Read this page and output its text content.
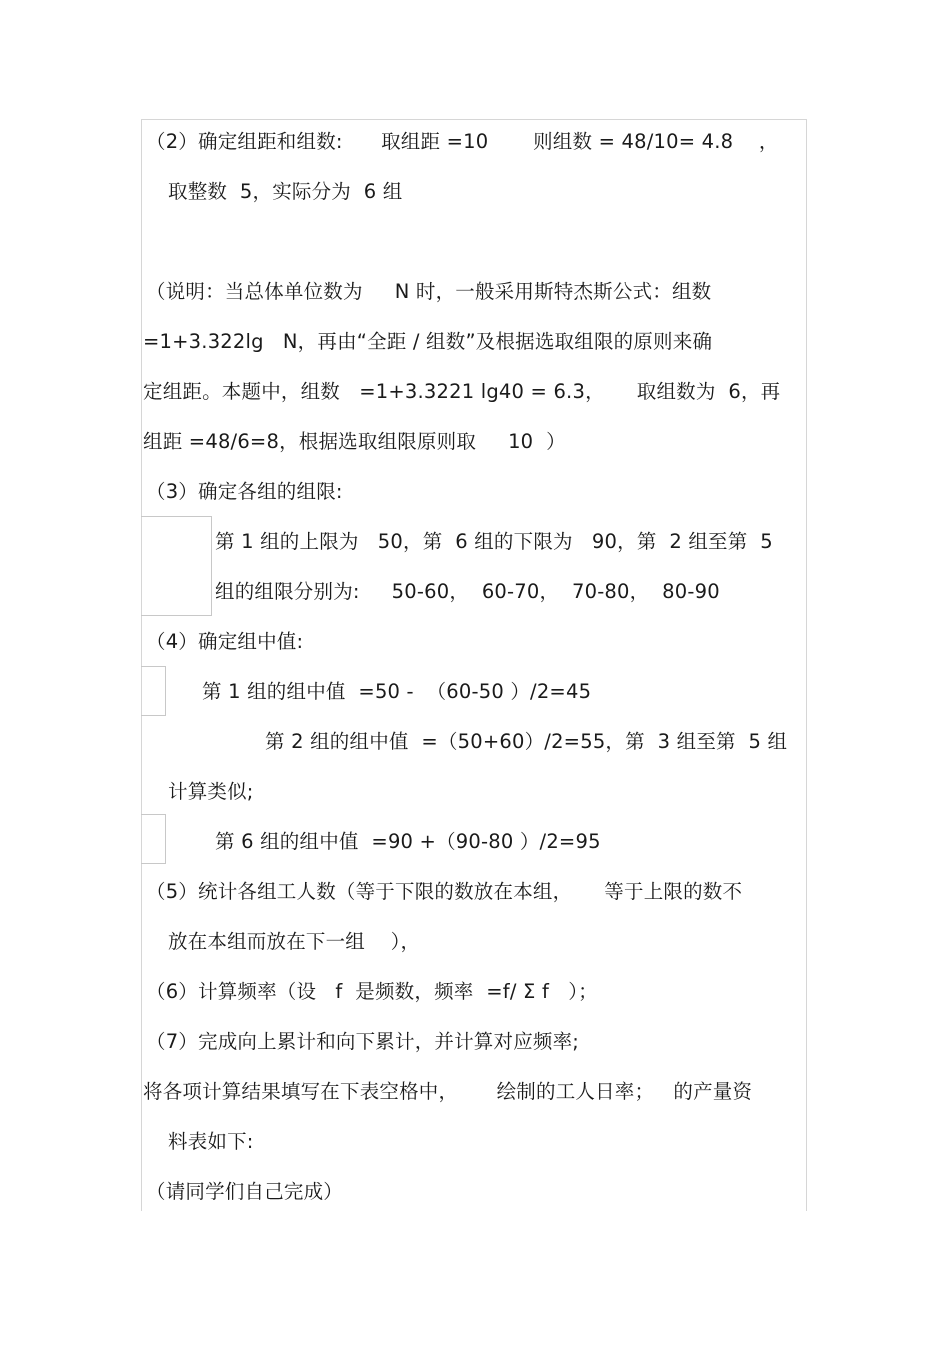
（2）确定组距和组数:      取组距 =10       则组数 = 48/10= 4.8    ，
取整数  5，实际分为  6 组
（说明：当总体单位数为     N 时，一般采用斯特杰斯公式：组数
=1+3.322lg   N，再由“全距 / 组数”及根据选取组限的原则来确
定组距。本题中，组数   =1+3.3221 lg40 = 6.3，     取组数为  6，再
组距 =48/6=8，根据选取组限原则取     10  ）
（3）确定各组的组限:
第 1 组的上限为   50，第  6 组的下限为   90，第  2 组至第  5
组的组限分别为:     50-60，  60-70，  70-80，  80-90
（4）确定组中值:
第 1 组的组中值  =50 -  （60-50 ）/2=45
第 2 组的组中值  =（50+60）/2=55，第  3 组至第  5 组
计算类似;
第 6 组的组中值  =90 +（90-80 ）/2=95
（5）统计各组工人数（等于下限的数放在本组，     等于上限的数不
放在本组而放在下一组    ），
（6）计算频率（设   f  是频数，频率  =f/ Σ f   ）；
（7）完成向上累计和向下累计，并计算对应频率;
将各项计算结果填写在下表空格中，      绘制的工人日率；   的产量资
料表如下:
（请同学们自己完成）
